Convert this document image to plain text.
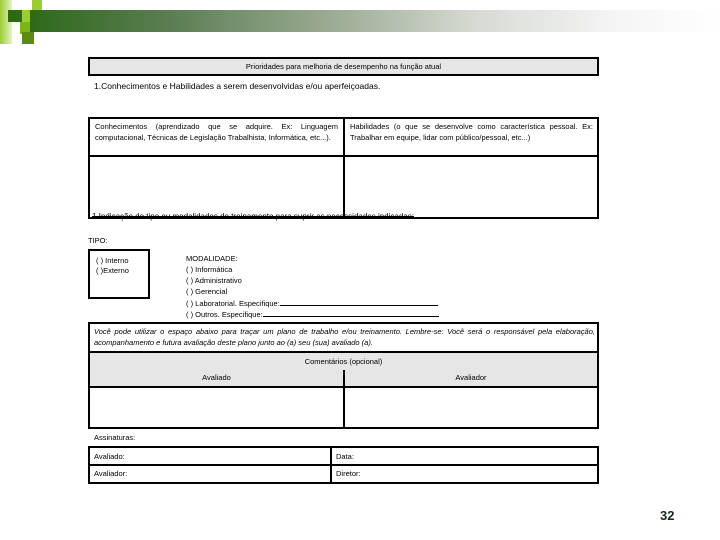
Prioridades para melhoria de desempenho na função atual
1.Conhecimentos e Habilidades a serem desenvolvidas e/ou aperfeiçoadas.
Conhecimentos (aprendizado que se adquire. Ex: Linguagem computacional, Técnicas de Legislação Trabalhista, Informática, etc...).
Habilidades (o que se desenvolve como característica pessoal. Ex: Trabalhar em equipe, lidar com público/pessoal, etc...)
1.Indicação do tipo ou modalidades de treinamento para suprir as necessidades indicadas:
TIPO:
( ) Interno
( )Externo
MODALIDADE:
( ) Informática
( ) Administrativo
( ) Gerencial
( ) Laboratorial. Especifique:
( ) Outros. Especifique:
Você pode utilizar o espaço abaixo para traçar um plano de trabalho e/ou treinamento. Lembre-se: Você será o responsável pela elaboração, acompanhamento e futura avaliação deste plano junto ao (a) seu (sua) avaliado (a).
Comentários (opcional)
Avaliado	Avaliador
Assinaturas:
Avaliado:	Data:
Avaliador:	Diretor:
32
